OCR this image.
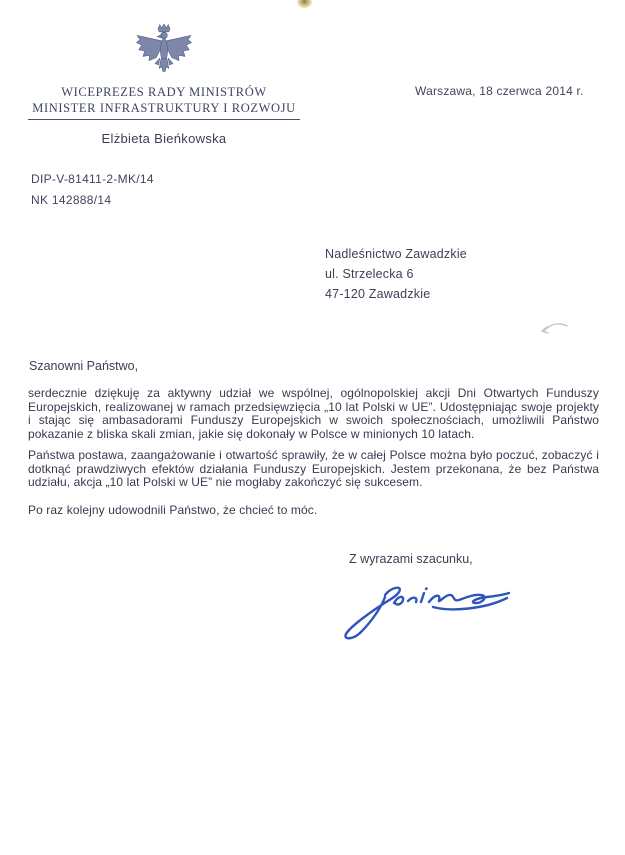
WICEPREZES RADY MINISTRÓW
MINISTER INFRASTRUKTURY I ROZWOJU
Elżbieta Bieńkowska
Warszawa, 18 czerwca 2014 r.
DIP-V-81411-2-MK/14
NK 142888/14
Nadleśnictwo Zawadzkie
ul. Strzelecka 6
47-120 Zawadzkie
Szanowni Państwo,

serdecznie dziękuję za aktywny udział we wspólnej, ogólnopolskiej akcji Dni Otwartych Funduszy Europejskich, realizowanej w ramach przedsięwzięcia „10 lat Polski w UE”. Udostępniając swoje projekty i stając się ambasadorami Funduszy Europejskich w swoich społecznościach, umożliwili Państwo pokazanie z bliska skali zmian, jakie się dokonały w Polsce w minionych 10 latach.

Państwa postawa, zaangażowanie i otwartość sprawiły, że w całej Polsce można było poczuć, zobaczyć i dotknąć prawdziwych efektów działania Funduszy Europejskich. Jestem przekonana, że bez Państwa udziału, akcja „10 lat Polski w UE” nie mogłaby zakończyć się sukcesem.

Po raz kolejny udowodnili Państwo, że chcieć to móc.

Z wyrazami szacunku,
